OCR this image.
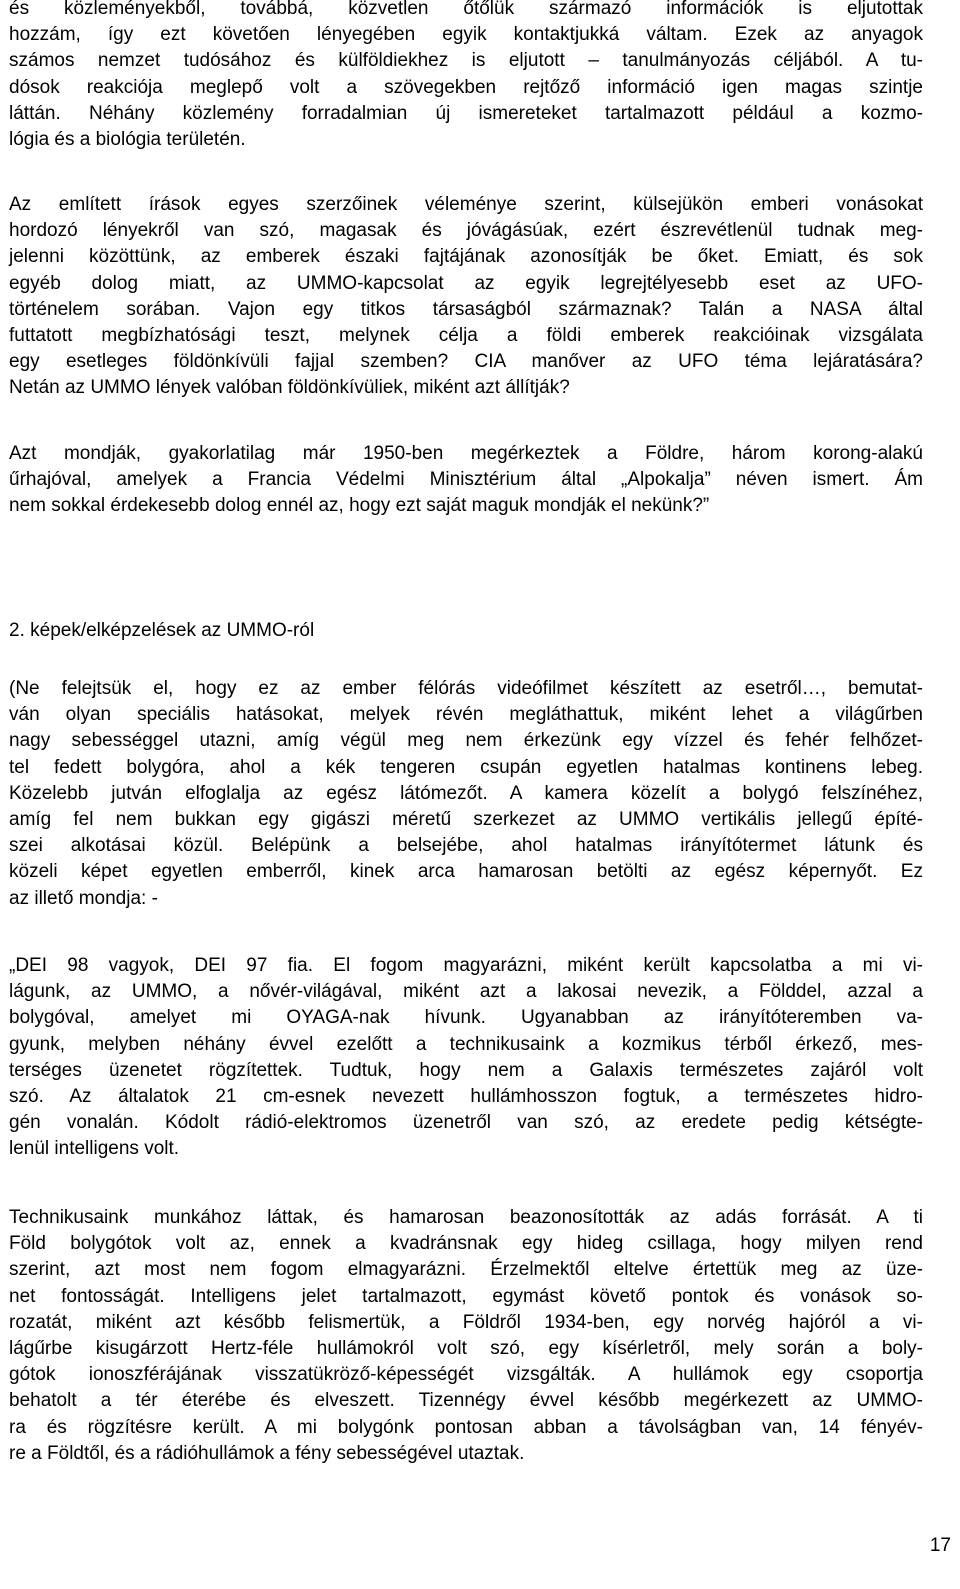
és közleményekből, továbbá, közvetlen őtőlük származó információk is eljutottak
hozzám, így ezt követően lényegében egyik kontaktjukká váltam. Ezek az anyagok
számos nemzet tudósához és külföldiekhez is eljutott – tanulmányozás céljából. A tu-
dósok reakciója meglepő volt a szövegekben rejtőző információ igen magas szintje
láttán. Néhány közlemény forradalmian új ismereteket tartalmazott például a kozmo-
lógia és a biológia területén.
Az említett írások egyes szerzőinek véleménye szerint, külsejükön emberi vonásokat
hordozó lényekről van szó, magasak és jóvágásúak, ezért észrevétlenül tudnak meg-
jelenni közöttünk, az emberek északi fajtájának azonosítják be őket. Emiatt, és sok
egyéb dolog miatt, az UMMO-kapcsolat az egyik legrejtélyesebb eset az UFO-
történelem sorában. Vajon egy titkos társaságból származnak? Talán a NASA által
futtatott megbízhatósági teszt, melynek célja a földi emberek reakcióinak vizsgálata
egy esetleges földönkívüli fajjal szemben? CIA manőver az UFO téma lejáratására?
Netán az UMMO lények valóban földönkívüliek, miként azt állítják?
Azt mondják, gyakorlatilag már 1950-ben megérkeztek a Földre, három korong-alakú
űrhajóval, amelyek a Francia Védelmi Minisztérium által „Alpokalja” néven ismert. Ám
nem sokkal érdekesebb dolog ennél az, hogy ezt saját maguk mondják el nekünk?”
2. képek/elképzelések az UMMO-ról
(Ne felejtsük el, hogy ez az ember félórás videófilmet készített az esetről…, bemutat-
ván olyan speciális hatásokat, melyek révén megláthattuk, miként lehet a világűrben
nagy sebességgel utazni, amíg végül meg nem érkezünk egy vízzel és fehér felhőzet-
tel fedett bolygóra, ahol a kék tengeren csupán egyetlen hatalmas kontinens lebeg.
Közelebb jutván elfoglalja az egész látómezőt. A kamera közelít a bolygó felszínéhez,
amíg fel nem bukkan egy gigászi méretű szerkezet az UMMO vertikális jellegű építé-
szei alkotásai közül. Belépünk a belsejébe, ahol hatalmas irányítótermet látunk és
közeli képet egyetlen emberről, kinek arca hamarosan betölti az egész képernyőt. Ez
az illető mondja: -
„DEI 98 vagyok, DEI 97 fia. El fogom magyarázni, miként került kapcsolatba a mi vi-
lágunk, az UMMO, a nővér-világával, miként azt a lakosai nevezik, a Földdel, azzal a
bolygóval, amelyet mi OYAGA-nak hívunk. Ugyanabban az irányítóteremben va-
gyunk, melyben néhány évvel ezelőtt a technikusaink a kozmikus térből érkező, mes-
terséges üzenetet rögzítettek. Tudtuk, hogy nem a Galaxis természetes zajáról volt
szó. Az általatok 21 cm-esnek nevezett hullámhosszon fogtuk, a természetes hidro-
gén vonalán. Kódolt rádió-elektromos üzenetről van szó, az eredete pedig kétségte-
lenül intelligens volt.
Technikusaink munkához láttak, és hamarosan beazonosították az adás forrását. A ti
Föld bolygótok volt az, ennek a kvadránsnak egy hideg csillaga, hogy milyen rend
szerint, azt most nem fogom elmagyarázni. Érzelmektől eltelve értettük meg az üze-
net fontosságát. Intelligens jelet tartalmazott, egymást követő pontok és vonások so-
rozatát, miként azt később felismertük, a Földről 1934-ben, egy norvég hajóról a vi-
lágűrbe kisugárzott Hertz-féle hullámokról volt szó, egy kísérletről, mely során a boly-
gótok ionoszférájának visszatükröző-képességét vizsgálták. A hullámok egy csoportja
behatolt a tér éterébe és elveszett. Tizennégy évvel később megérkezett az UMMO-
ra és rögzítésre került. A mi bolygónk pontosan abban a távolságban van, 14 fényév-
re a Földtől, és a rádióhullámok a fény sebességével utaztak.
17
